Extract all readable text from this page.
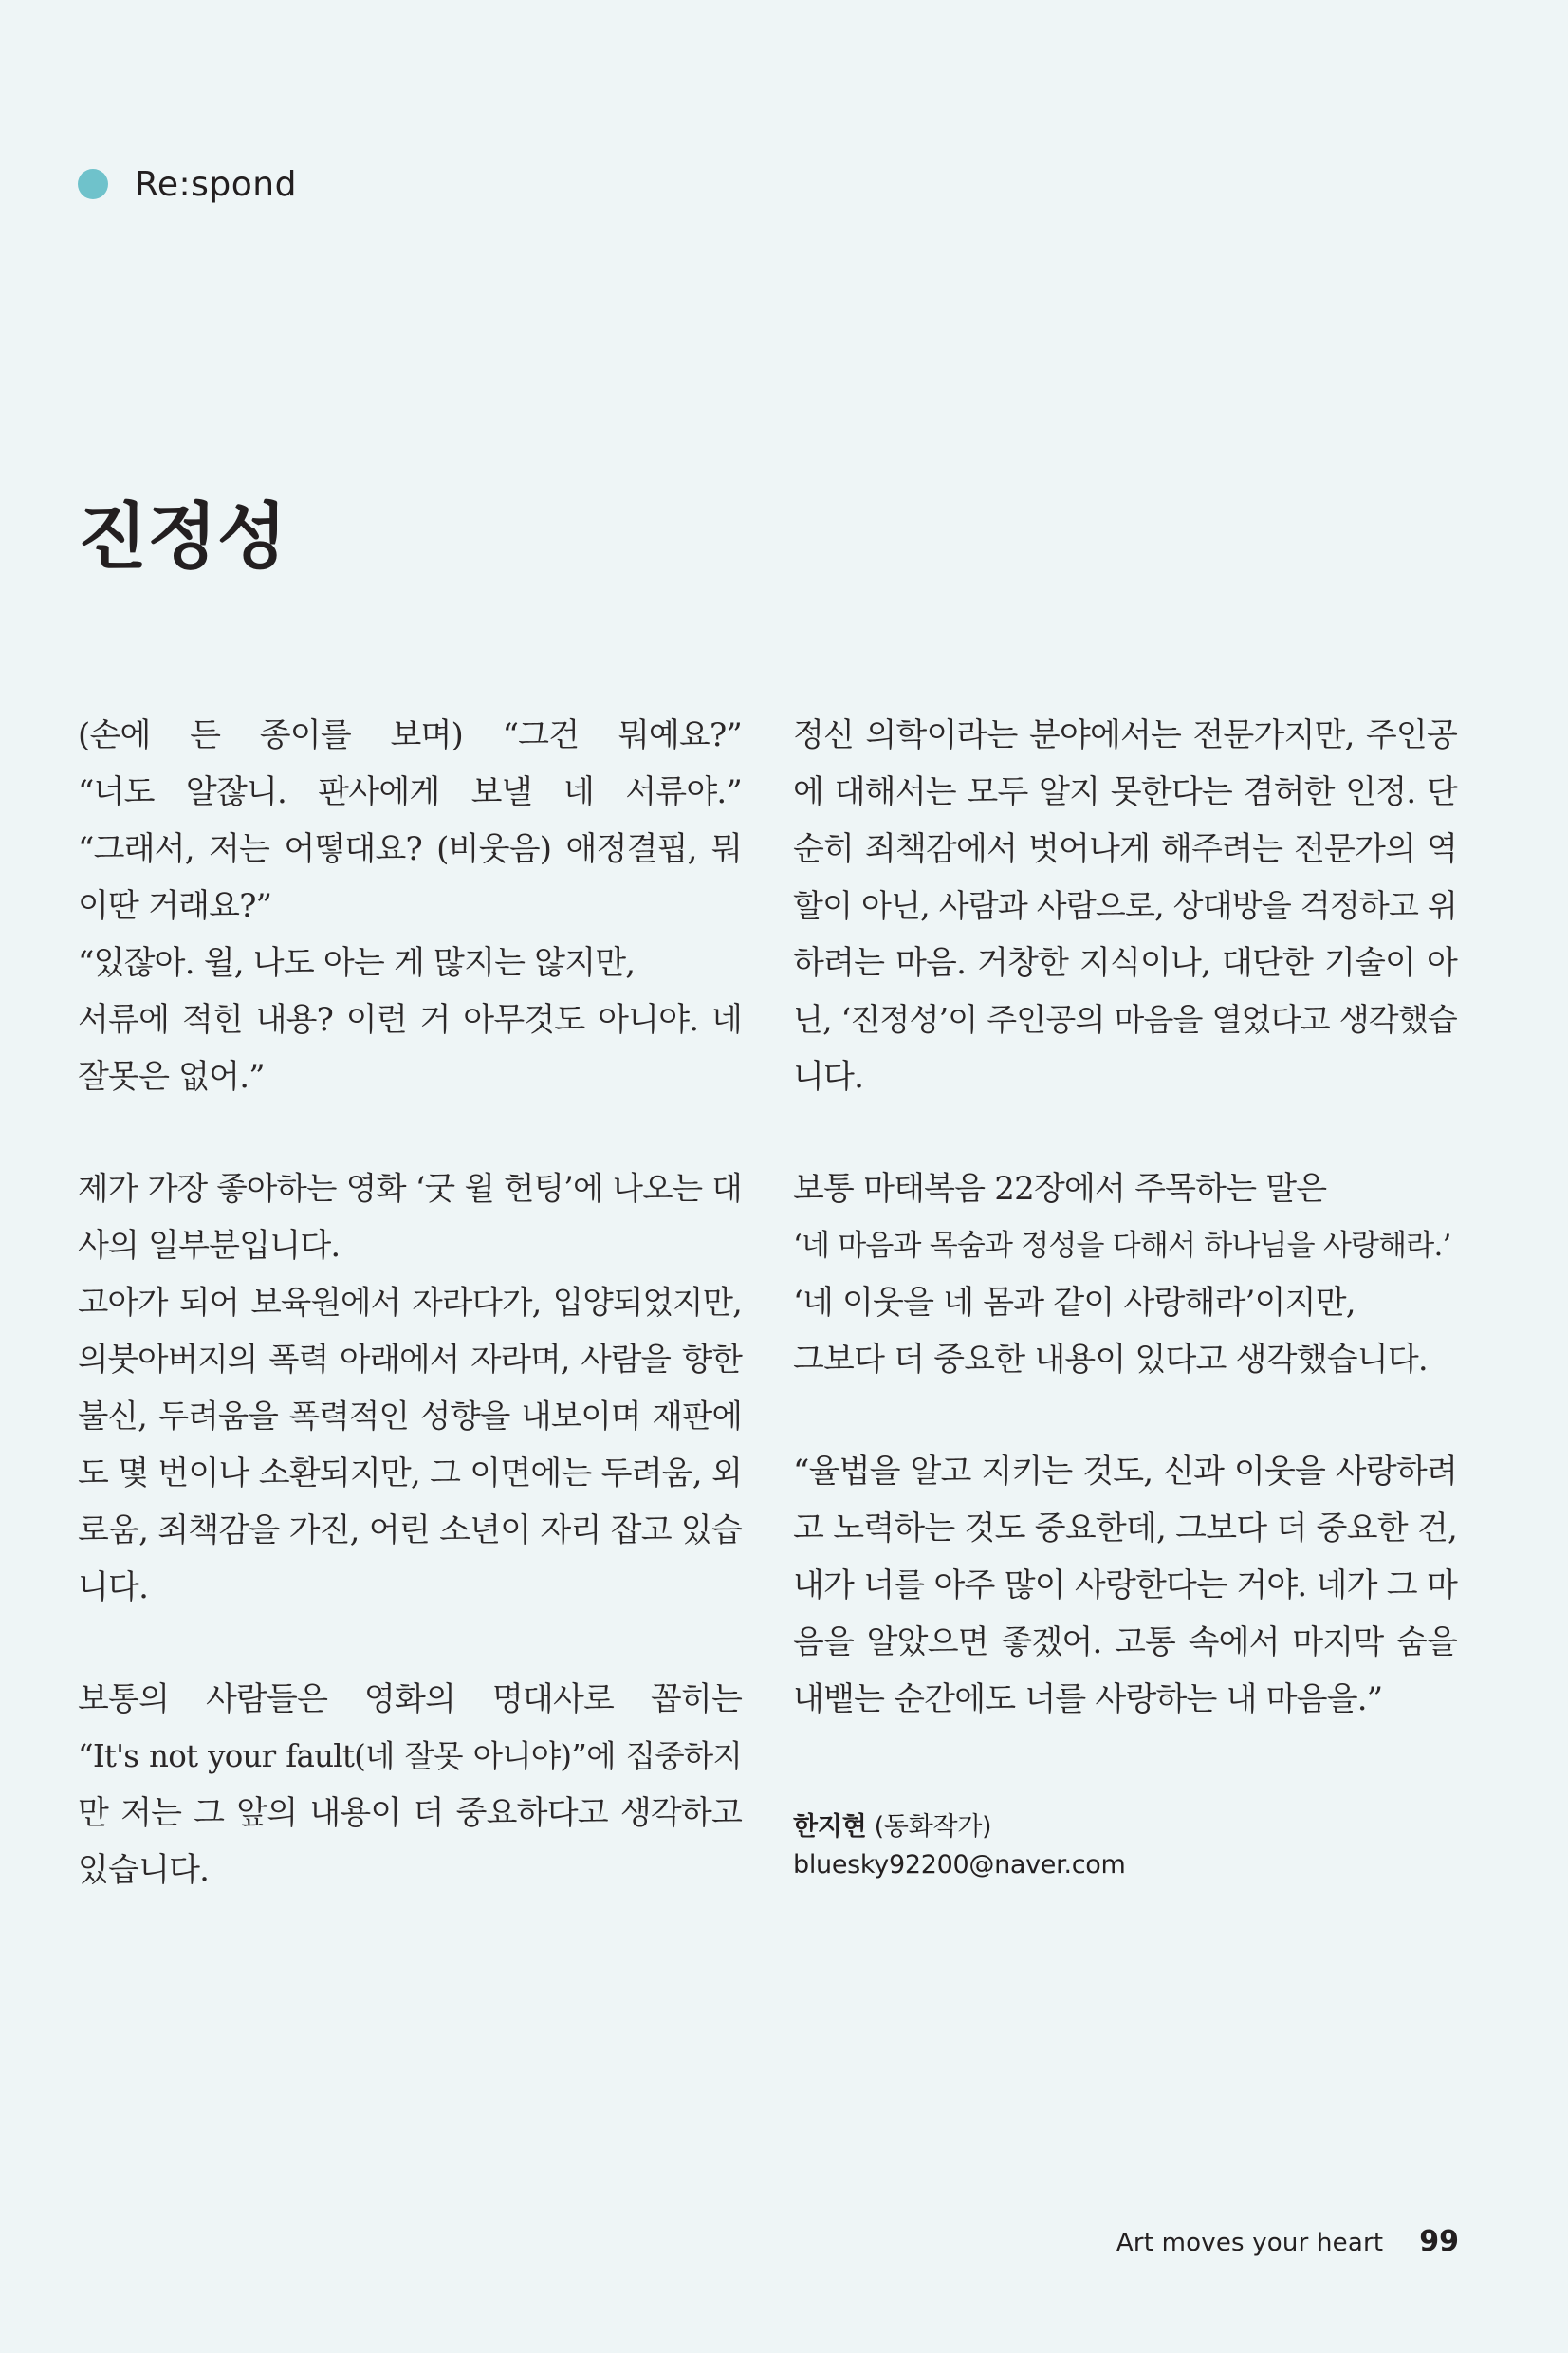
Re:spond
진정성

(손에 든 종이를 보며) “그건 뭐예요?”
“너도 알잖니. 판사에게 보낼 네 서류야.”
“그래서, 저는 어떻대요? (비웃음) 애정결핍, 뭐
이딴 거래요?”
“있잖아. 윌, 나도 아는 게 많지는 않지만,
서류에 적힌 내용? 이런 거 아무것도 아니야. 네
잘못은 없어.”

제가 가장 좋아하는 영화 ‘굿 윌 헌팅’에 나오는 대
사의 일부분입니다.
고아가 되어 보육원에서 자라다가, 입양되었지만,
의붓아버지의 폭력 아래에서 자라며, 사람을 향한
불신, 두려움을 폭력적인 성향을 내보이며 재판에
도 몇 번이나 소환되지만, 그 이면에는 두려움, 외
로움, 죄책감을 가진, 어린 소년이 자리 잡고 있습
니다.

보통의 사람들은 영화의 명대사로 꼽히는
“It's not your fault(네 잘못 아니야)”에 집중하지
만 저는 그 앞의 내용이 더 중요하다고 생각하고
있습니다.

정신 의학이라는 분야에서는 전문가지만, 주인공
에 대해서는 모두 알지 못한다는 겸허한 인정. 단
순히 죄책감에서 벗어나게 해주려는 전문가의 역
할이 아닌, 사람과 사람으로, 상대방을 걱정하고 위
하려는 마음. 거창한 지식이나, 대단한 기술이 아
닌, ‘진정성’이 주인공의 마음을 열었다고 생각했습
니다.

보통 마태복음 22장에서 주목하는 말은
‘네 마음과 목숨과 정성을 다해서 하나님을 사랑해라.’
‘네 이웃을 네 몸과 같이 사랑해라’이지만,
그보다 더 중요한 내용이 있다고 생각했습니다.

“율법을 알고 지키는 것도, 신과 이웃을 사랑하려
고 노력하는 것도 중요한데, 그보다 더 중요한 건,
내가 너를 아주 많이 사랑한다는 거야. 네가 그 마
음을 알았으면 좋겠어. 고통 속에서 마지막 숨을
내뱉는 순간에도 너를 사랑하는 내 마음을.”

한지현 (동화작가)
bluesky92200@naver.com
Art moves your heart 99
